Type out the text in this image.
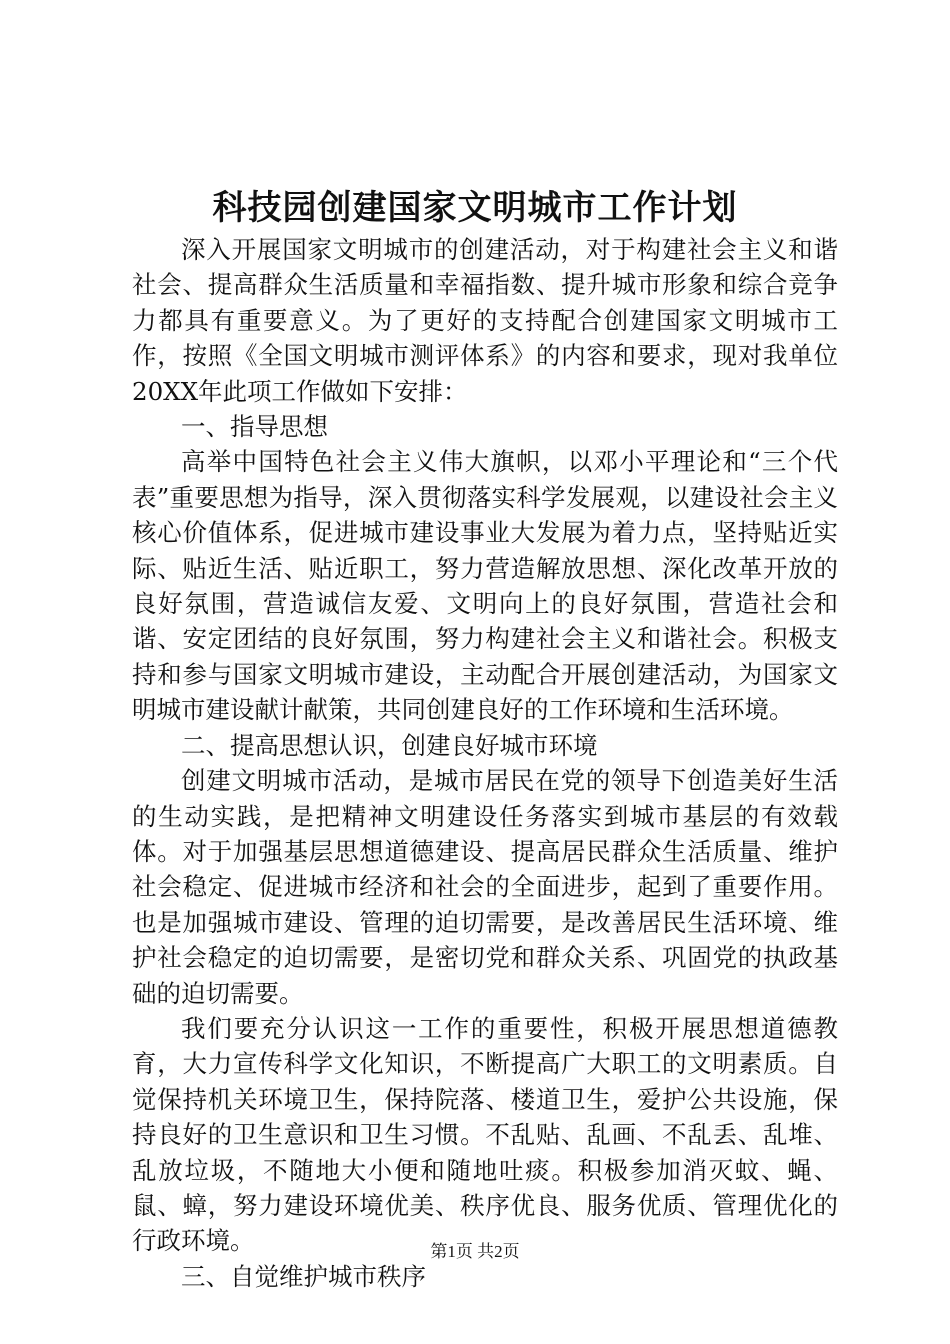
科技园创建国家文明城市工作计划

深入开展国家文明城市的创建活动，对于构建社会主义和谐社会、提高群众生活质量和幸福指数、提升城市形象和综合竞争力都具有重要意义。为了更好的支持配合创建国家文明城市工作，按照《全国文明城市测评体系》的内容和要求，现对我单位20XX年此项工作做如下安排：

一、指导思想

高举中国特色社会主义伟大旗帜，以邓小平理论和“三个代表”重要思想为指导，深入贯彻落实科学发展观，以建设社会主义核心价值体系，促进城市建设事业大发展为着力点，坚持贴近实际、贴近生活、贴近职工，努力营造解放思想、深化改革开放的良好氛围，营造诚信友爱、文明向上的良好氛围，营造社会和谐、安定团结的良好氛围，努力构建社会主义和谐社会。积极支持和参与国家文明城市建设，主动配合开展创建活动，为国家文明城市建设献计献策，共同创建良好的工作环境和生活环境。

二、提高思想认识，创建良好城市环境

创建文明城市活动，是城市居民在党的领导下创造美好生活的生动实践，是把精神文明建设任务落实到城市基层的有效载体。对于加强基层思想道德建设、提高居民群众生活质量、维护社会稳定、促进城市经济和社会的全面进步，起到了重要作用。也是加强城市建设、管理的迫切需要，是改善居民生活环境、维护社会稳定的迫切需要，是密切党和群众关系、巩固党的执政基础的迫切需要。

我们要充分认识这一工作的重要性，积极开展思想道德教育，大力宣传科学文化知识，不断提高广大职工的文明素质。自觉保持机关环境卫生，保持院落、楼道卫生，爱护公共设施，保持良好的卫生意识和卫生习惯。不乱贴、乱画、不乱丢、乱堆、乱放垃圾，不随地大小便和随地吐痰。积极参加消灭蚊、蝇、鼠、蟑，努力建设环境优美、秩序优良、服务优质、管理优化的行政环境。

三、自觉维护城市秩序

第1页 共2页
